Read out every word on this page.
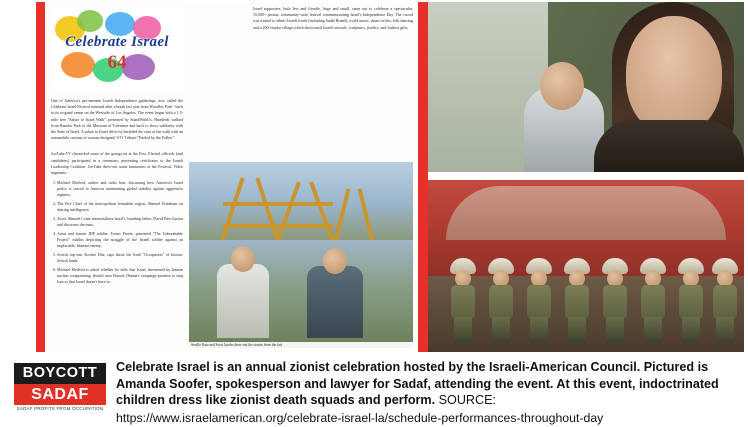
Celebrate Israel
64

One of America's pre-eminent Israeli Independence gatherings, now called the Celebrate Israel Festival returned after a break last year from Woodley Park - back to its original venue on the Westside of Los Angeles. The event began with a 1.5-mile free "Salute to Israel Walk" presented by StandWithUs. Hundreds walked from Rancho Park to the Museum of Tolerance and back to show solidarity with the State of Israel. A salute to Israel drive-by heralded the start of the walk with an automobile caravan of custom designed, 9/11 Tribute-"Fueled by the Fallen."

JooTube.TV chronicled some of the goings-on at the Fest. Elected officials (and candidates) participated in a ceremony, presenting certificates to the Israeli Leadership Coalition. JooTube drew-out some luminaries at the Festival. Video segments:

1. Michael Medved, author and radio host, discussing how America's Israel policy is crucial to America maintaining global stability against aggressive regimes;
2. The Fire Chief of the metropolitan Jerusalem region, Shmuel Friedman on sharing intelligence;
3. Actor, Shmuel Lvine memorializes Israel's founding father, David Ben Gurion and discusses the man;
4. Artist and former IDF soldier, Tomer Peretz, presented "The Unbreakable Project" exhibit depicting the struggle of the Israeli soldier against an implacable, Islamist enemy;
5. Jewish rap-star, Kosher Ditz, raps about the Arab "Occupation" of historic Jewish lands;
6. Michael Medved is asked whether he feels that Israel, threatened by Iranian nuclear weaponizing, should trust Barack Obama's campaign promise to stop Iran so that Israel doesn't have to.

Israel supporters, both Jew and Gentile, large and small, came out to celebrate a spectacular, 15,000+ person, community-wide festival commemorating Israel's Independence Day. The crowd was treated to ethnic Israeli foods (including Sadaf Brand), world music, drum circles, folk dancing and a 200-vendor village which showcased Israeli artwork, sculptures, jewelry, and Judaica gifts.

Seville Katz and Scott Jacobs drew-out the stories from the fair
BOYCOTT
SADAF
SADAF PROFITS FROM OCCUPATION
Celebrate Israel is an annual zionist celebration hosted by the Israeli-American Council. Pictured is Amanda Soofer, spokesperson and lawyer for Sadaf, attending the event. At this event, indoctrinated children dress like zionist death squads and perform. SOURCE:
https://www.israelamerican.org/celebrate-israel-la/schedule-performances-throughout-day
